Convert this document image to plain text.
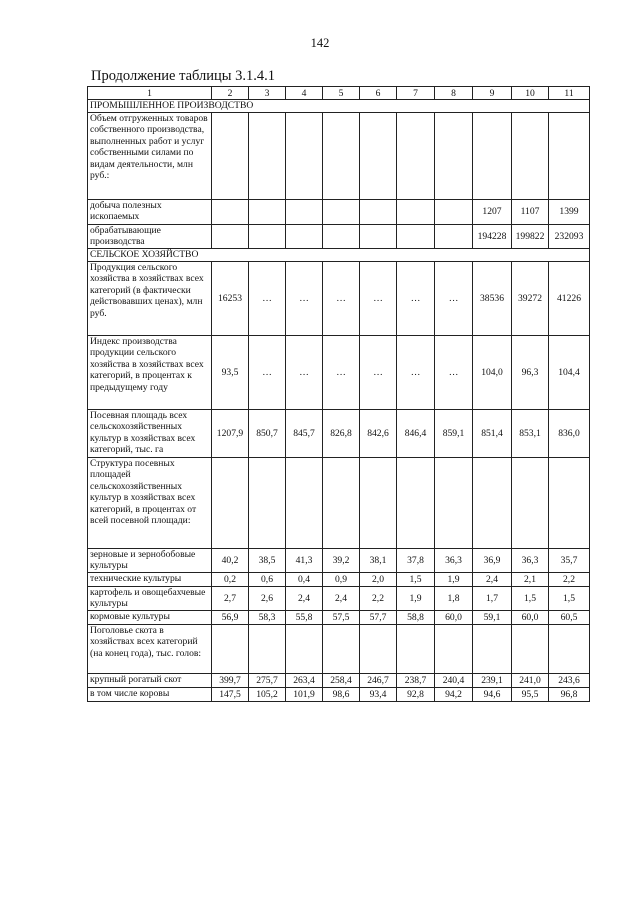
142
Продолжение таблицы 3.1.4.1
1	2	3	4	5	6	7	8	9	10	11
ПРОМЫШЛЕННОЕ ПРОИЗВОДСТВО										
Объем отгруженных товаров собственного производства, выполненных работ и услуг собственными силами по видам деятельности, млн руб.:										
добыча полезных ископаемых								1207	1107	1399
обрабатывающие производства								194228	199822	232093
СЕЛЬСКОЕ ХОЗЯЙСТВО										
Продукция сельского хозяйства в хозяйствах всех категорий (в фактически действовавших ценах), млн руб.	16253	…	…	…	…	…	…	38536	39272	41226
Индекс производства продукции сельского хозяйства в хозяйствах всех категорий, в процентах к предыдущему году	93,5	…	…	…	…	…	…	104,0	96,3	104,4
Посевная площадь всех сельскохозяйственных культур в хозяйствах всех категорий, тыс. га	1207,9	850,7	845,7	826,8	842,6	846,4	859,1	851,4	853,1	836,0
Структура посевных площадей сельскохозяйственных культур в хозяйствах всех категорий, в процентах от всей посевной площади:										
зерновые и зернобобовые культуры	40,2	38,5	41,3	39,2	38,1	37,8	36,3	36,9	36,3	35,7
технические культуры	0,2	0,6	0,4	0,9	2,0	1,5	1,9	2,4	2,1	2,2
картофель и овощебахчевые культуры	2,7	2,6	2,4	2,4	2,2	1,9	1,8	1,7	1,5	1,5
кормовые культуры	56,9	58,3	55,8	57,5	57,7	58,8	60,0	59,1	60,0	60,5
Поголовье скота в хозяйствах всех категорий (на конец года), тыс. голов:										
крупный рогатый скот	399,7	275,7	263,4	258,4	246,7	238,7	240,4	239,1	241,0	243,6
в том числе коровы	147,5	105,2	101,9	98,6	93,4	92,8	94,2	94,6	95,5	96,8
